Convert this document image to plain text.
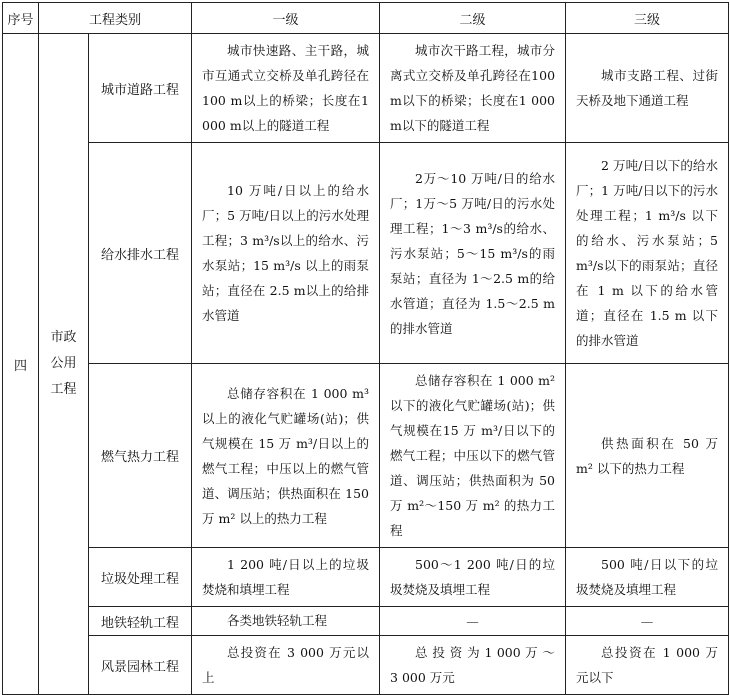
序号	工程类别		一级	二级	三级
四	市政
公用
工程	城市道路工程	城市快速路、主干路，城市互通式立交桥及单孔跨径在100 m以上的桥梁；长度在1 000 m以上的隧道工程	城市次干路工程，城市分离式立交桥及单孔跨径在100 m以下的桥梁；长度在1 000 m以下的隧道工程	城市支路工程、过街天桥及地下通道工程

		给水排水工程	10 万吨/日以上的给水厂；5 万吨/日以上的污水处理工程；3 m³/s以上的给水、污水泵站；15 m³/s 以上的雨泵站；直径在 2.5 m以上的给排水管道	2万～10 万吨/日的给水厂；1万～5 万吨/日的污水处理工程；1～3 m³/s的给水、污水泵站；5～15 m³/s的雨泵站；直径为 1～2.5 m的给水管道；直径为 1.5～2.5 m 的排水管道	2 万吨/日以下的给水厂；1 万吨/日以下的污水处理工程；1 m³/s 以下的给水、污水泵站；5 m³/s以下的雨泵站；直径在 1 m 以下的给水管道；直径在 1.5 m 以下的排水管道

		燃气热力工程	总储存容积在 1 000 m³ 以上的液化气贮罐场(站)；供气规模在 15 万 m³/日以上的燃气工程；中压以上的燃气管道、调压站；供热面积在 150 万 m² 以上的热力工程	总储存容积在 1 000 m² 以下的液化气贮罐场(站)；供气规模在15 万 m³/日以下的燃气工程；中压以下的燃气管道、调压站；供热面积为 50 万 m²～150 万 m² 的热力工程	供热面积在 50 万 m² 以下的热力工程

		垃圾处理工程	1 200 吨/日以上的垃圾焚烧和填埋工程	500～1 200 吨/日的垃圾焚烧及填埋工程	500 吨/日以下的垃圾焚烧及填埋工程

		地铁轻轨工程	各类地铁轻轨工程	—	—
		风景园林工程	总投资在 3 000 万元以上	总 投 资 为 1 000 万 ～ 3 000 万元	总投资在 1 000 万元以下
